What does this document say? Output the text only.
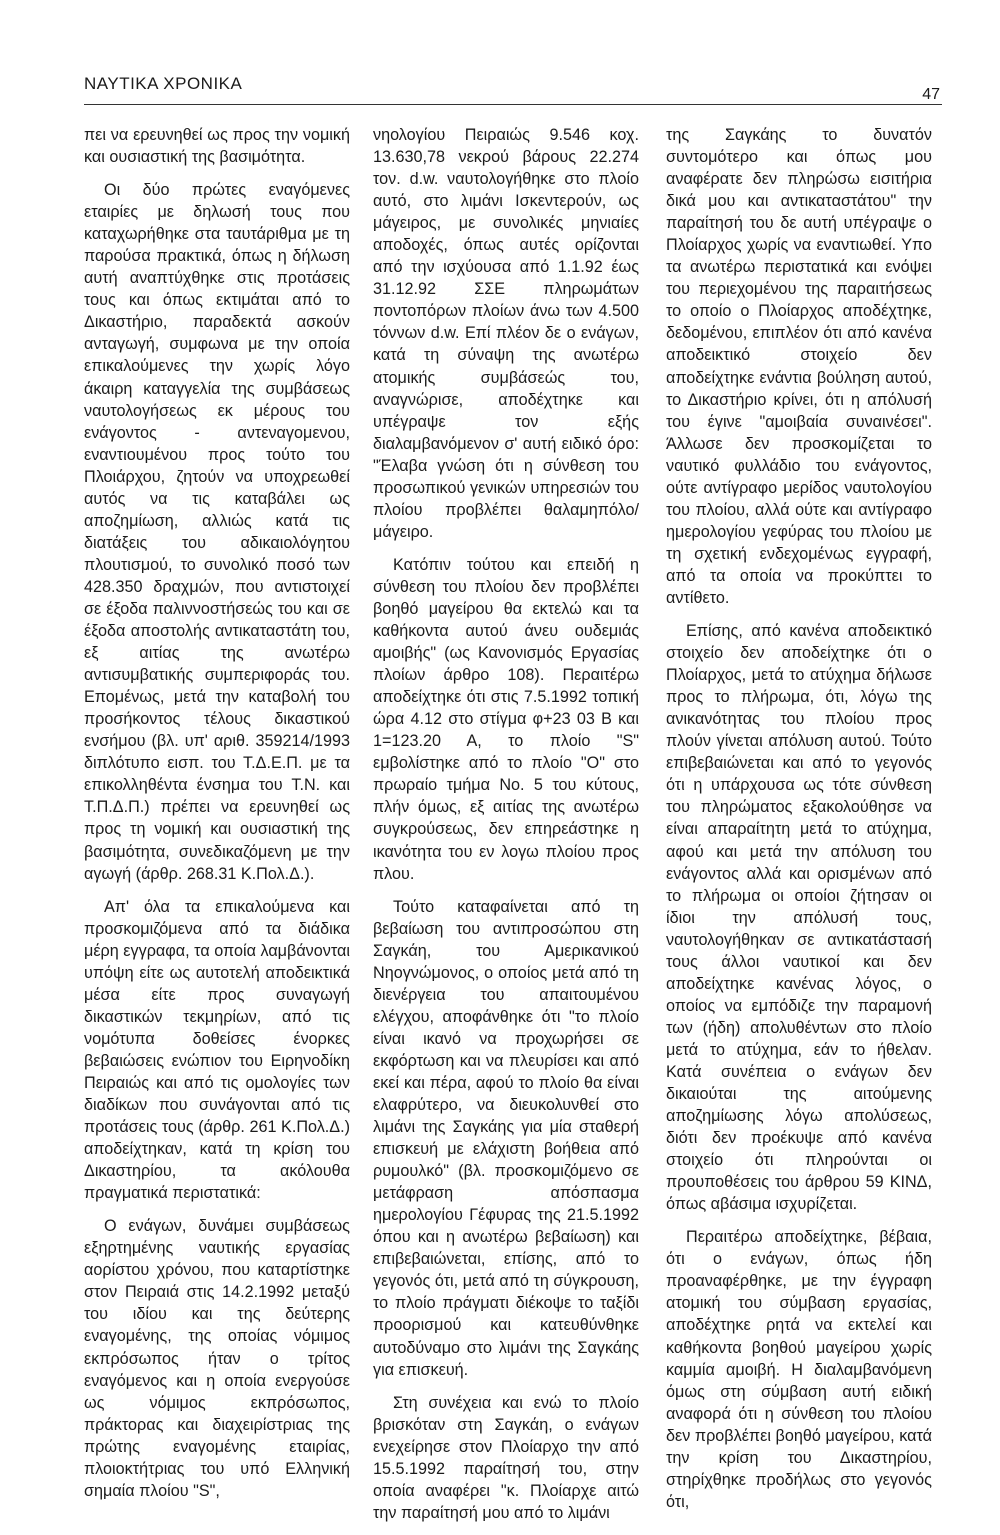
ΝΑΥΤΙΚΑ ΧΡΟΝΙΚΑ
47

πει να ερευνηθεί ως προς την νομική και ουσιαστική της βασιμότητα.

Οι δύο πρώτες εναγόμενες εταιρίες με δηλωσή τους που καταχωρήθηκε στα ταυτάριθμα με τη παρούσα πρακτικά, όπως η δήλωση αυτή αναπτύχθηκε στις προτάσεις τους και όπως εκτιμάται από το Δικαστήριο, παραδεκτά ασκούν ανταγωγή, συμφωνα με την οποία επικαλούμενες την χωρίς λόγο άκαιρη καταγγελία της συμβάσεως ναυτολογήσεως εκ μέρους του ενάγοντος - αντεναγομενου, εναντιουμένου προς τούτο του Πλοιάρχου, ζητούν να υποχρεωθεί αυτός να τις καταβάλει ως αποζημίωση, αλλιώς κατά τις διατάξεις του αδικαιολόγητου πλουτισμού, το συνολικό ποσό των 428.350 δραχμών, που αντιστοιχεί σε έξοδα παλιννοστήσεώς του και σε έξοδα αποστολής αντικαταστάτη του, εξ αιτίας της ανωτέρω αντισυμβατικής συμπεριφοράς του. Επομένως, μετά την καταβολή του προσήκοντος τέλους δικαστικού ενσήμου (βλ. υπ' αριθ. 359214/1993 διπλότυπο εισπ. του Τ.Δ.Ε.Π. με τα επικολληθέντα ένσημα του Τ.Ν. και Τ.Π.Δ.Π.) πρέπει να ερευνηθεί ως προς τη νομική και ουσιαστική της βασιμότητα, συνεδικαζόμενη με την αγωγή (άρθρ. 268.31 Κ.Πολ.Δ.).

Απ' όλα τα επικαλούμενα και προσκομιζόμενα από τα διάδικα μέρη εγγραφα, τα οποία λαμβάνονται υπόψη είτε ως αυτοτελή αποδεικτικά μέσα είτε προς συναγωγή δικαστικών τεκμηρίων, από τις νομότυπα δοθείσες ένορκες βεβαιώσεις ενώπιον του Ειρηνοδίκη Πειραιώς και από τις ομολογίες των διαδίκων που συνάγονται από τις προτάσεις τους (άρθρ. 261 Κ.Πολ.Δ.) αποδείχτηκαν, κατά τη κρίση του Δικαστηρίου, τα ακόλουθα πραγματικά περιστατικά:

Ο ενάγων, δυνάμει συμβάσεως εξηρτημένης ναυτικής εργασίας αορίστου χρόνου, που καταρτίστηκε στον Πειραιά στις 14.2.1992 μεταξύ του ιδίου και της δεύτερης εναγομένης, της οποίας νόμιμος εκπρόσωπος ήταν ο τρίτος εναγόμενος και η οποία ενεργούσε ως νόμιμος εκπρόσωπος, πράκτορας και διαχειρίστριας της πρώτης εναγομένης εταιρίας, πλοιοκτήτριας του υπό Ελληνική σημαία πλοίου "S",

νηολογίου Πειραιώς 9.546 κοχ. 13.630,78 νεκρού βάρους 22.274 τον. d.w. ναυτολογήθηκε στο πλοίο αυτό, στο λιμάνι Ισκεντερούν, ως μάγειρος, με συνολικές μηνιαίες αποδοχές, όπως αυτές ορίζονται από την ισχύουσα από 1.1.92 έως 31.12.92 ΣΣΕ πληρωμάτων ποντοπόρων πλοίων άνω των 4.500 τόννων d.w. Επί πλέον δε ο ενάγων, κατά τη σύναψη της ανωτέρω ατομικής συμβάσεώς του, αναγνώρισε, αποδέχτηκε και υπέγραψε τον εξής διαλαμβανόμενον σ' αυτή ειδικό όρο: "Έλαβα γνώση ότι η σύνθεση του προσωπικού γενικών υπηρεσιών του πλοίου προβλέπει θαλαμηπόλο/μάγειρο.

Κατόπιν τούτου και επειδή η σύνθεση του πλοίου δεν προβλέπει βοηθό μαγείρου θα εκτελώ και τα καθήκοντα αυτού άνευ ουδεμιάς αμοιβής" (ως Κανονισμός Εργασίας πλοίων άρθρο 108). Περαιτέρω αποδείχτηκε ότι στις 7.5.1992 τοπική ώρα 4.12 στο στίγμα φ+23 03 Β και 1=123.20 Α, το πλοίο "S" εμβολίστηκε από το πλοίο "Ο" στο πρωραίο τμήμα No. 5 του κύτους, πλήν όμως, εξ αιτίας της ανωτέρω συγκρούσεως, δεν επηρεάστηκε η ικανότητα του εν λογω πλοίου προς πλου.

Τούτο καταφαίνεται από τη βεβαίωση του αντιπροσώπου στη Σαγκάη, του Αμερικανικού Νηογνώμονος, ο οποίος μετά από τη διενέργεια του απαιτουμένου ελέγχου, αποφάνθηκε ότι "το πλοίο είναι ικανό να προχωρήσει σε εκφόρτωση και να πλευρίσει και από εκεί και πέρα, αφού το πλοίο θα είναι ελαφρύτερο, να διευκολυνθεί στο λιμάνι της Σαγκάης για μία σταθερή επισκευή με ελάχιστη βοήθεια από ρυμουλκό" (βλ. προσκομιζόμενο σε μετάφραση απόσπασμα ημερολογίου Γέφυρας της 21.5.1992 όπου και η ανωτέρω βεβαίωση) και επιβεβαιώνεται, επίσης, από το γεγονός ότι, μετά από τη σύγκρουση, το πλοίο πράγματι διέκοψε το ταξίδι προορισμού και κατευθύνθηκε αυτοδύναμο στο λιμάνι της Σαγκάης για επισκευή.

Στη συνέχεια και ενώ το πλοίο βρισκόταν στη Σαγκάη, ο ενάγων ενεχείρησε στον Πλοίαρχο την από 15.5.1992 παραίτησή του, στην οποία αναφέρει "κ. Πλοίαρχε αιτώ την παραίτησή μου από το λιμάνι

της Σαγκάης το δυνατόν συντομότερο και όπως μου αναφέρατε δεν πληρώσω εισιτήρια δικά μου και αντικαταστάτου" την παραίτησή του δε αυτή υπέγραψε ο Πλοίαρχος χωρίς να εναντιωθεί. Υπο τα ανωτέρω περιστατικά και ενόψει του περιεχομένου της παραιτήσεως το οποίο ο Πλοίαρχος αποδέχτηκε, δεδομένου, επιπλέον ότι από κανένα αποδεικτικό στοιχείο δεν αποδείχτηκε ενάντια βούληση αυτού, το Δικαστήριο κρίνει, ότι η απόλυσή του έγινε "αμοιβαία συναινέσει". Άλλωσε δεν προσκομίζεται το ναυτικό φυλλάδιο του ενάγοντος, ούτε αντίγραφο μερίδος ναυτολογίου του πλοίου, αλλά ούτε και αντίγραφο ημερολογίου γεφύρας του πλοίου με τη σχετική ενδεχομένως εγγραφή, από τα οποία να προκύπτει το αντίθετο.

Επίσης, από κανένα αποδεικτικό στοιχείο δεν αποδείχτηκε ότι ο Πλοίαρχος, μετά το ατύχημα δήλωσε προς το πλήρωμα, ότι, λόγω της ανικανότητας του πλοίου προς πλούν γίνεται απόλυση αυτού. Τούτο επιβεβαιώνεται και από το γεγονός ότι η υπάρχουσα ως τότε σύνθεση του πληρώματος εξακολούθησε να είναι απαραίτητη μετά το ατύχημα, αφού και μετά την απόλυση του ενάγοντος αλλά και ορισμένων από το πλήρωμα οι οποίοι ζήτησαν οι ίδιοι την απόλυσή τους, ναυτολογήθηκαν σε αντικατάστασή τους άλλοι ναυτικοί και δεν αποδείχτηκε κανένας λόγος, ο οποίος να εμπόδιζε την παραμονή των (ήδη) απολυθέντων στο πλοίο μετά το ατύχημα, εάν το ήθελαν. Κατά συνέπεια ο ενάγων δεν δικαιούται της αιτούμενης αποζημίωσης λόγω απολύσεως, διότι δεν προέκυψε από κανένα στοιχείο ότι πληρούνται οι προυποθέσεις του άρθρου 59 ΚΙΝΔ, όπως αβάσιμα ισχυρίζεται.

Περαιτέρω αποδείχτηκε, βέβαια, ότι ο ενάγων, όπως ήδη προαναφέρθηκε, με την έγγραφη ατομική του σύμβαση εργασίας, αποδέχτηκε ρητά να εκτελεί και καθήκοντα βοηθού μαγείρου χωρίς καμμία αμοιβή. Η διαλαμβανόμενη όμως στη σύμβαση αυτή ειδική αναφορά ότι η σύνθεση του πλοίου δεν προβλέπει βοηθό μαγείρου, κατά την κρίση του Δικαστηρίου, στηρίχθηκε προδήλως στο γεγονός ότι,
